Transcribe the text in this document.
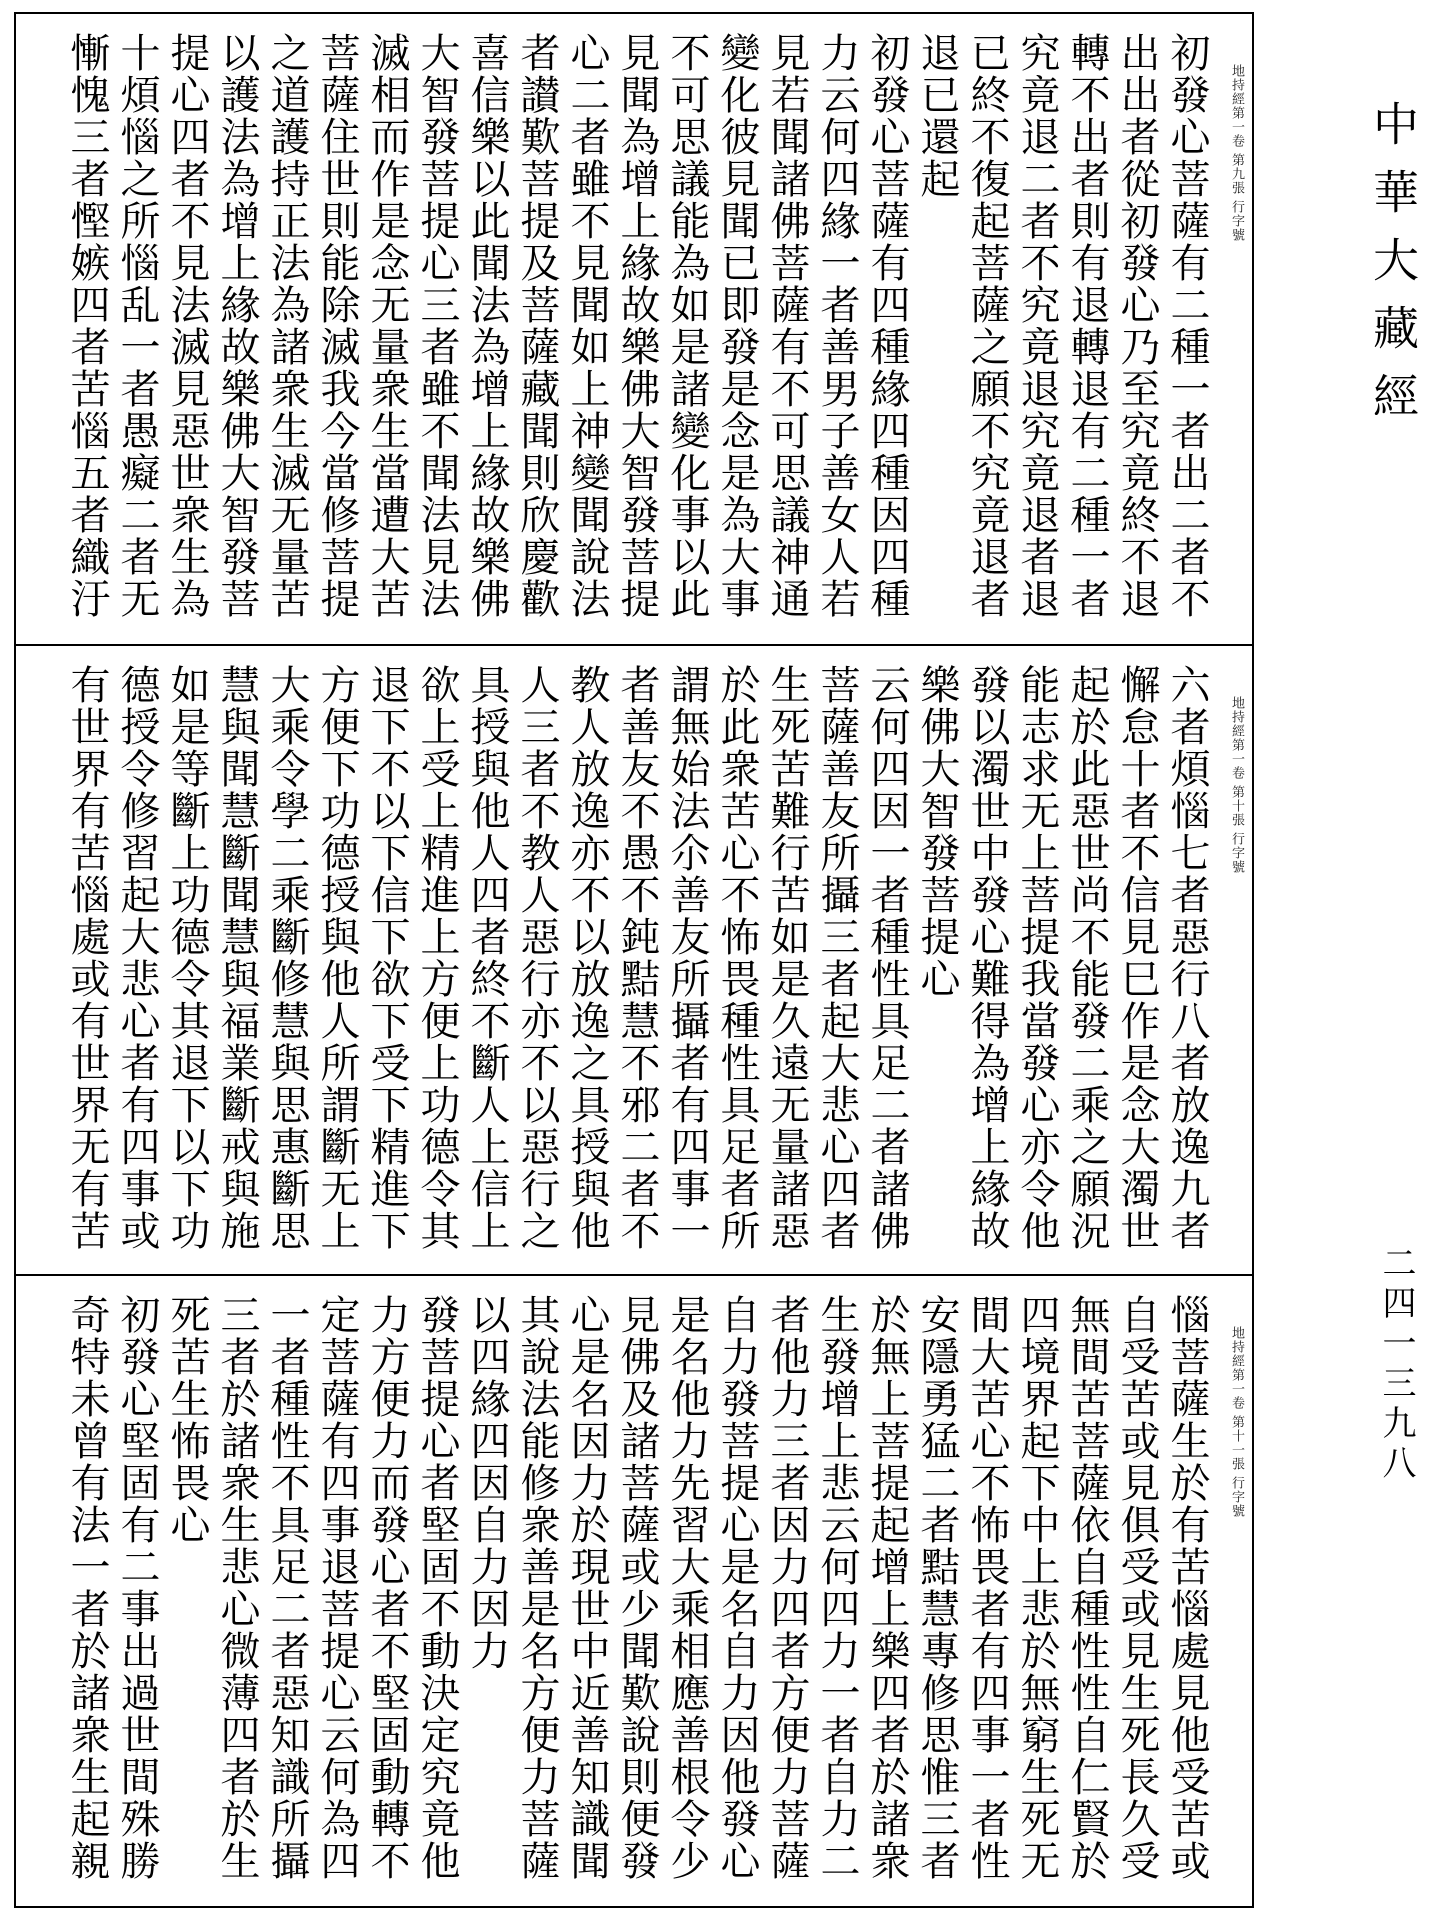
地持經第一卷 第九張 行字號
初發心菩薩有二種一者出二者不
出出者從初發心乃至究竟終不退
轉不出者則有退轉退有二種一者
究竟退二者不究竟退究竟退者退
已終不復起菩薩之願不究竟退者
退已還起
初發心菩薩有四種緣四種因四種
力云何四緣一者善男子善女人若
見若聞諸佛菩薩有不可思議神通
變化彼見聞已即發是念是為大事
不可思議能為如是諸變化事以此
見聞為增上緣故樂佛大智發菩提
心二者雖不見聞如上神變聞說法
者讃歎菩提及菩薩藏聞則欣慶歡
喜信樂以此聞法為增上緣故樂佛
大智發菩提心三者雖不聞法見法
滅相而作是念无量衆生當遭大苦
菩薩住世則能除滅我今當修菩提
之道護持正法為諸衆生滅无量苦
以護法為增上緣故樂佛大智發菩
提心四者不見法滅見惡世衆生為
十煩惱之所惱乱一者愚癡二者无
慚愧三者慳嫉四者苦惱五者織汙
地持經第一卷 第十張 行字號
六者煩惱七者惡行八者放逸九者
懈怠十者不信見巳作是念大濁世
起於此惡世尚不能發二乘之願況
能志求无上菩提我當發心亦令他
發以濁世中發心難得為增上緣故
樂佛大智發菩提心
云何四因一者種性具足二者諸佛
菩薩善友所攝三者起大悲心四者
生死苦難行苦如是久遠无量諸惡
於此衆苦心不怖畏種性具足者所
謂無始法尒善友所攝者有四事一
者善友不愚不鈍黠慧不邪二者不
教人放逸亦不以放逸之具授與他
人三者不教人惡行亦不以惡行之
具授與他人四者終不斷人上信上
欲上受上精進上方便上功德令其
退下不以下信下欲下受下精進下
方便下功德授與他人所謂斷无上
大乘令學二乘斷修慧與思惠斷思
慧與聞慧斷聞慧與福業斷戒與施
如是等斷上功德令其退下以下功
德授令修習起大悲心者有四事或
有世界有苦惱處或有世界无有苦
地持經第一卷 第十一張 行字號
惱菩薩生於有苦惱處見他受苦或
自受苦或見俱受或見生死長久受
無間苦菩薩依自種性性自仁賢於
四境界起下中上悲於無窮生死无
間大苦心不怖畏者有四事一者性
安隱勇猛二者黠慧專修思惟三者
於無上菩提起增上樂四者於諸衆
生發增上悲云何四力一者自力二
者他力三者因力四者方便力菩薩
自力發菩提心是名自力因他發心
是名他力先習大乘相應善根令少
見佛及諸菩薩或少聞歎說則便發
心是名因力於現世中近善知識聞
其說法能修衆善是名方便力菩薩
以四緣四因自力因力
發菩提心者堅固不動決定究竟他
力方便力而發心者不堅固動轉不
定菩薩有四事退菩提心云何為四
一者種性不具足二者惡知識所攝
三者於諸衆生悲心微薄四者於生
死苦生怖畏心
初發心堅固有二事出過世間殊勝
奇特未曾有法一者於諸衆生起親
中華大藏經
二四一三九八
